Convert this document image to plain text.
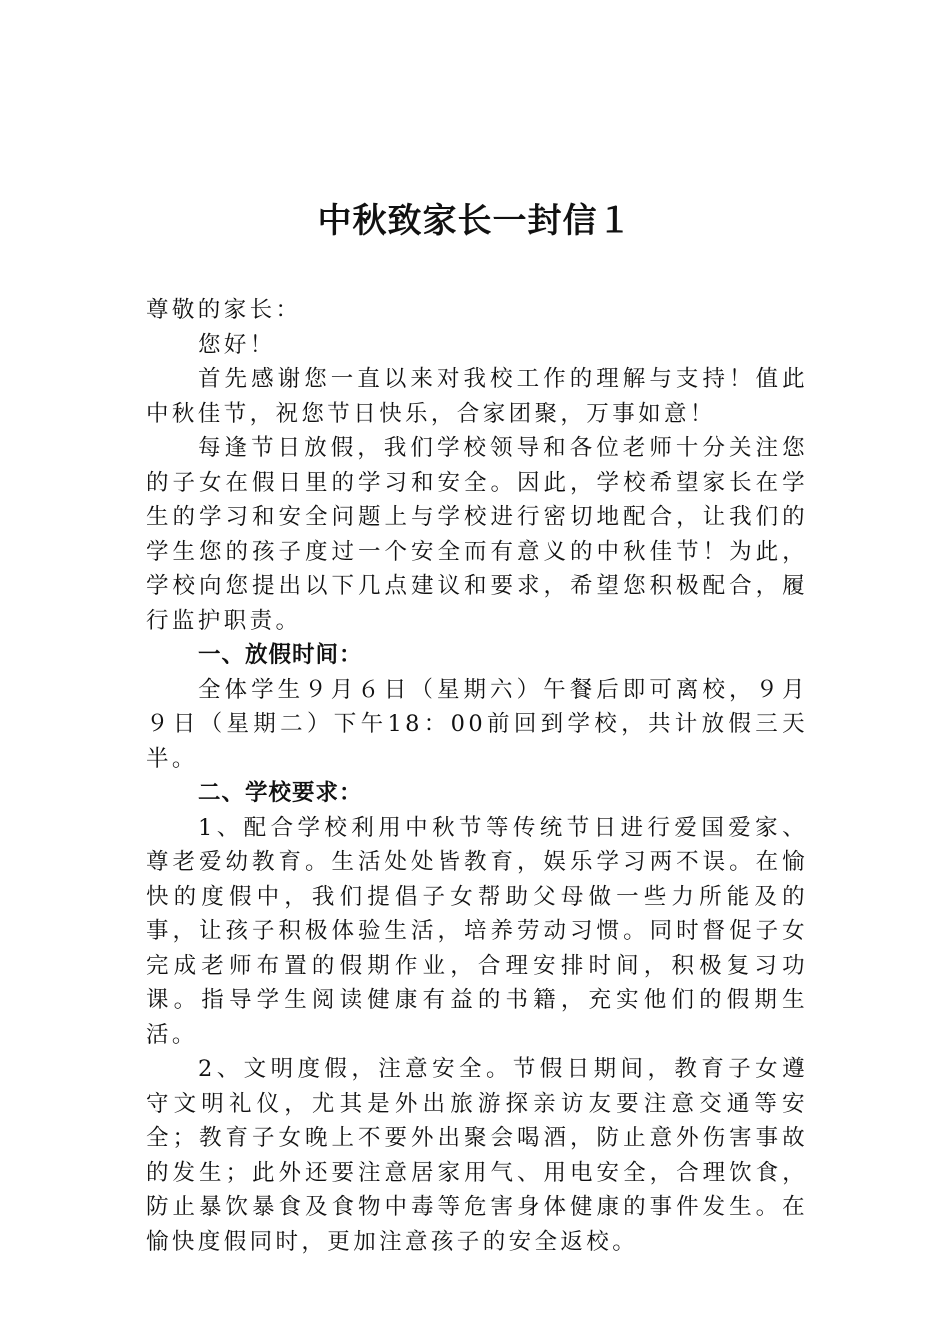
中秋致家长一封信１

尊敬的家长：

您好！

首先感谢您一直以来对我校工作的理解与支持！值此中秋佳节，祝您节日快乐，合家团聚，万事如意！

每逢节日放假，我们学校领导和各位老师十分关注您的子女在假日里的学习和安全。因此，学校希望家长在学生的学习和安全问题上与学校进行密切地配合，让我们的学生您的孩子度过一个安全而有意义的中秋佳节！为此，学校向您提出以下几点建议和要求，希望您积极配合，履行监护职责。

一、放假时间：

全体学生９月６日（星期六）午餐后即可离校，９月９日（星期二）下午18：00前回到学校，共计放假三天半。

二、学校要求：

1、配合学校利用中秋节等传统节日进行爱国爱家、尊老爱幼教育。生活处处皆教育，娱乐学习两不误。在愉快的度假中，我们提倡子女帮助父母做一些力所能及的事，让孩子积极体验生活，培养劳动习惯。同时督促子女完成老师布置的假期作业，合理安排时间，积极复习功课。指导学生阅读健康有益的书籍，充实他们的假期生活。

2、文明度假，注意安全。节假日期间，教育子女遵守文明礼仪，尤其是外出旅游探亲访友要注意交通等安全；教育子女晚上不要外出聚会喝酒，防止意外伤害事故的发生；此外还要注意居家用气、用电安全，合理饮食，防止暴饮暴食及食物中毒等危害身体健康的事件发生。在愉快度假同时，更加注意孩子的安全返校。
